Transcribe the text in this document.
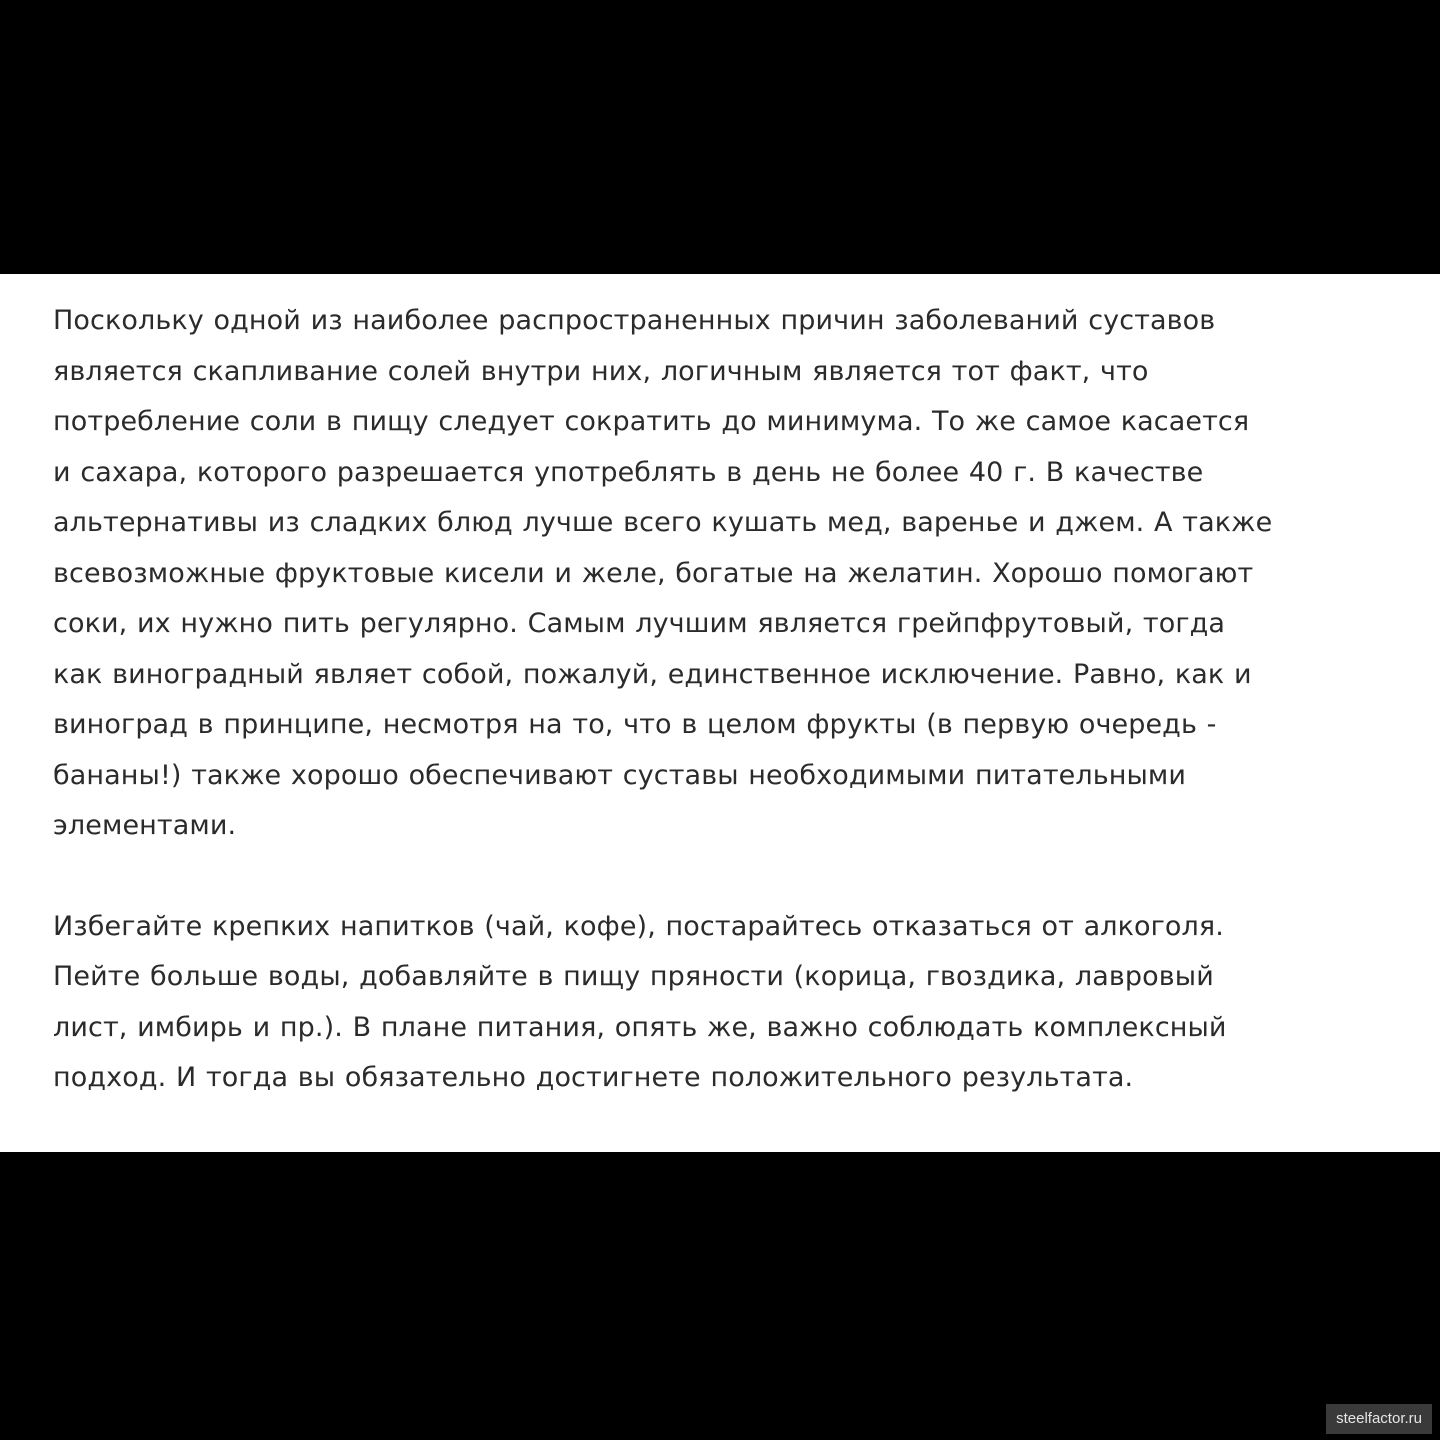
Поскольку одной из наиболее распространенных причин заболеваний суставов
является скапливание солей внутри них, логичным является тот факт, что
потребление соли в пищу следует сократить до минимума. То же самое касается
и сахара, которого разрешается употреблять в день не более 40 г. В качестве
альтернативы из сладких блюд лучше всего кушать мед, варенье и джем. А также
всевозможные фруктовые кисели и желе, богатые на желатин. Хорошо помогают
соки, их нужно пить регулярно. Самым лучшим является грейпфрутовый, тогда
как виноградный являет собой, пожалуй, единственное исключение. Равно, как и
виноград в принципе, несмотря на то, что в целом фрукты (в первую очередь -
бананы!) также хорошо обеспечивают суставы необходимыми питательными
элементами.

Избегайте крепких напитков (чай, кофе), постарайтесь отказаться от алкоголя.
Пейте больше воды, добавляйте в пищу пряности (корица, гвоздика, лавровый
лист, имбирь и пр.). В плане питания, опять же, важно соблюдать комплексный
подход. И тогда вы обязательно достигнете положительного результата.

steelfactor.ru
